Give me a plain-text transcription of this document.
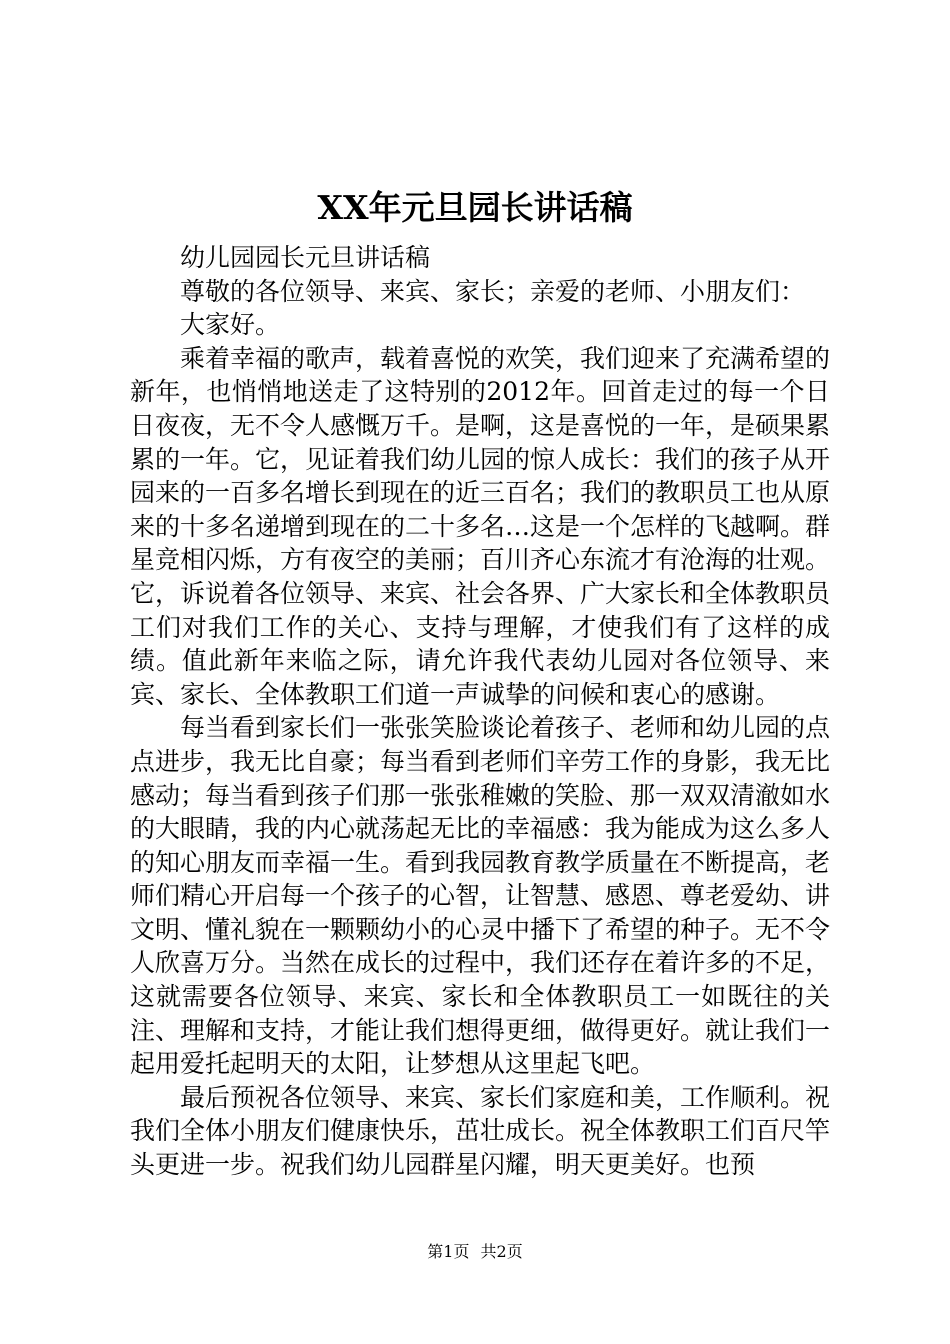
XX年元旦园长讲话稿

幼儿园园长元旦讲话稿

尊敬的各位领导、来宾、家长；亲爱的老师、小朋友们：

大家好。

乘着幸福的歌声，载着喜悦的欢笑，我们迎来了充满希望的新年，也悄悄地送走了这特别的2012年。回首走过的每一个日日夜夜，无不令人感慨万千。是啊，这是喜悦的一年，是硕果累累的一年。它，见证着我们幼儿园的惊人成长：我们的孩子从开园来的一百多名增长到现在的近三百名；我们的教职员工也从原来的十多名递增到现在的二十多名…这是一个怎样的飞越啊。群星竞相闪烁，方有夜空的美丽；百川齐心东流才有沧海的壮观。它，诉说着各位领导、来宾、社会各界、广大家长和全体教职员工们对我们工作的关心、支持与理解，才使我们有了这样的成绩。值此新年来临之际，请允许我代表幼儿园对各位领导、来宾、家长、全体教职工们道一声诚挚的问候和衷心的感谢。

每当看到家长们一张张笑脸谈论着孩子、老师和幼儿园的点点进步，我无比自豪；每当看到老师们辛劳工作的身影，我无比感动；每当看到孩子们那一张张稚嫩的笑脸、那一双双清澈如水的大眼睛，我的内心就荡起无比的幸福感：我为能成为这么多人的知心朋友而幸福一生。看到我园教育教学质量在不断提高，老师们精心开启每一个孩子的心智，让智慧、感恩、尊老爱幼、讲文明、懂礼貌在一颗颗幼小的心灵中播下了希望的种子。无不令人欣喜万分。当然在成长的过程中，我们还存在着许多的不足，这就需要各位领导、来宾、家长和全体教职员工一如既往的关注、理解和支持，才能让我们想得更细，做得更好。就让我们一起用爱托起明天的太阳，让梦想从这里起飞吧。

最后预祝各位领导、来宾、家长们家庭和美，工作顺利。祝我们全体小朋友们健康快乐，茁壮成长。祝全体教职工们百尺竿头更进一步。祝我们幼儿园群星闪耀，明天更美好。也预

第1页 共2页
